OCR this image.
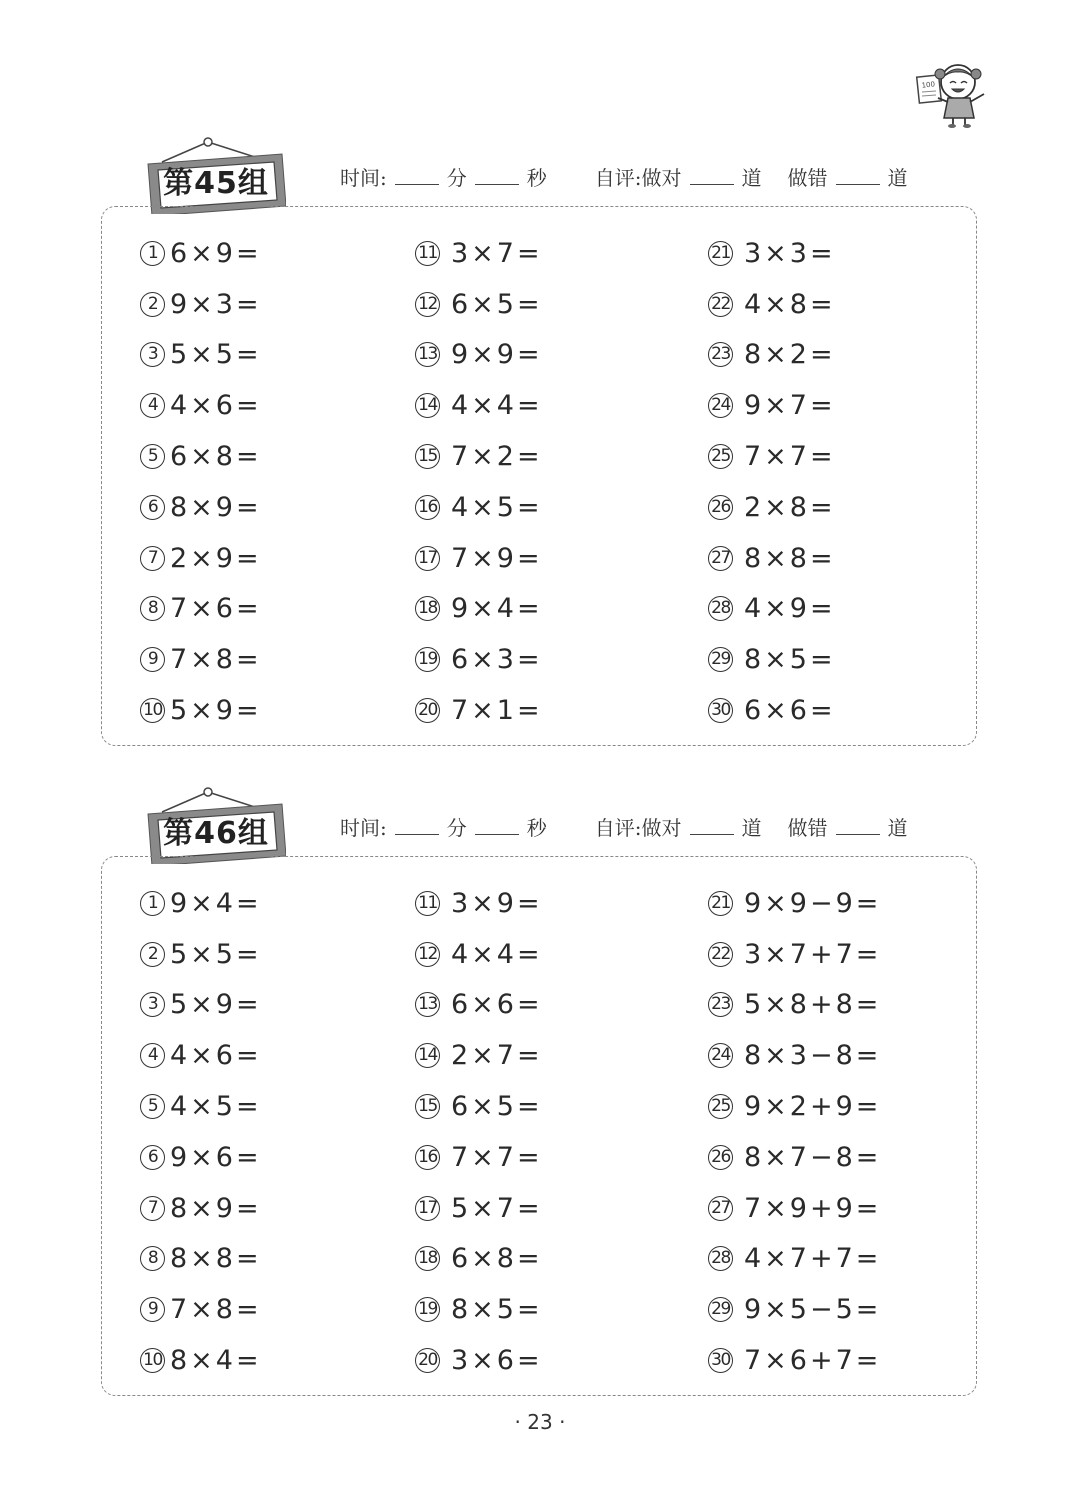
100
第45组	时间:	分	秒 自评:做对	道 做错	道
1 6×9=
2 9×3=
3 5×5=
4 4×6=
5 6×8=
6 8×9=
7 2×9=
8 7×6=
9 7×8=
10 5×9=
11 3×7=
12 6×5=
13 9×9=
14 4×4=
15 7×2=
16 4×5=
17 7×9=
18 9×4=
19 6×3=
20 7×1=
21 3×3=
22 4×8=
23 8×2=
24 9×7=
25 7×7=
26 2×8=
27 8×8=
28 4×9=
29 8×5=
30 6×6=
第46组	时间:	分	秒 自评:做对	道 做错	道
1 9×4=
2 5×5=
3 5×9=
4 4×6=
5 4×5=
6 9×6=
7 8×9=
8 8×8=
9 7×8=
10 8×4=
11 3×9=
12 4×4=
13 6×6=
14 2×7=
15 6×5=
16 7×7=
17 5×7=
18 6×8=
19 8×5=
20 3×6=
21 9×9−9=
22 3×7+7=
23 5×8+8=
24 8×3−8=
25 9×2+9=
26 8×7−8=
27 7×9+9=
28 4×7+7=
29 9×5−5=
30 7×6+7=
· 23 ·
